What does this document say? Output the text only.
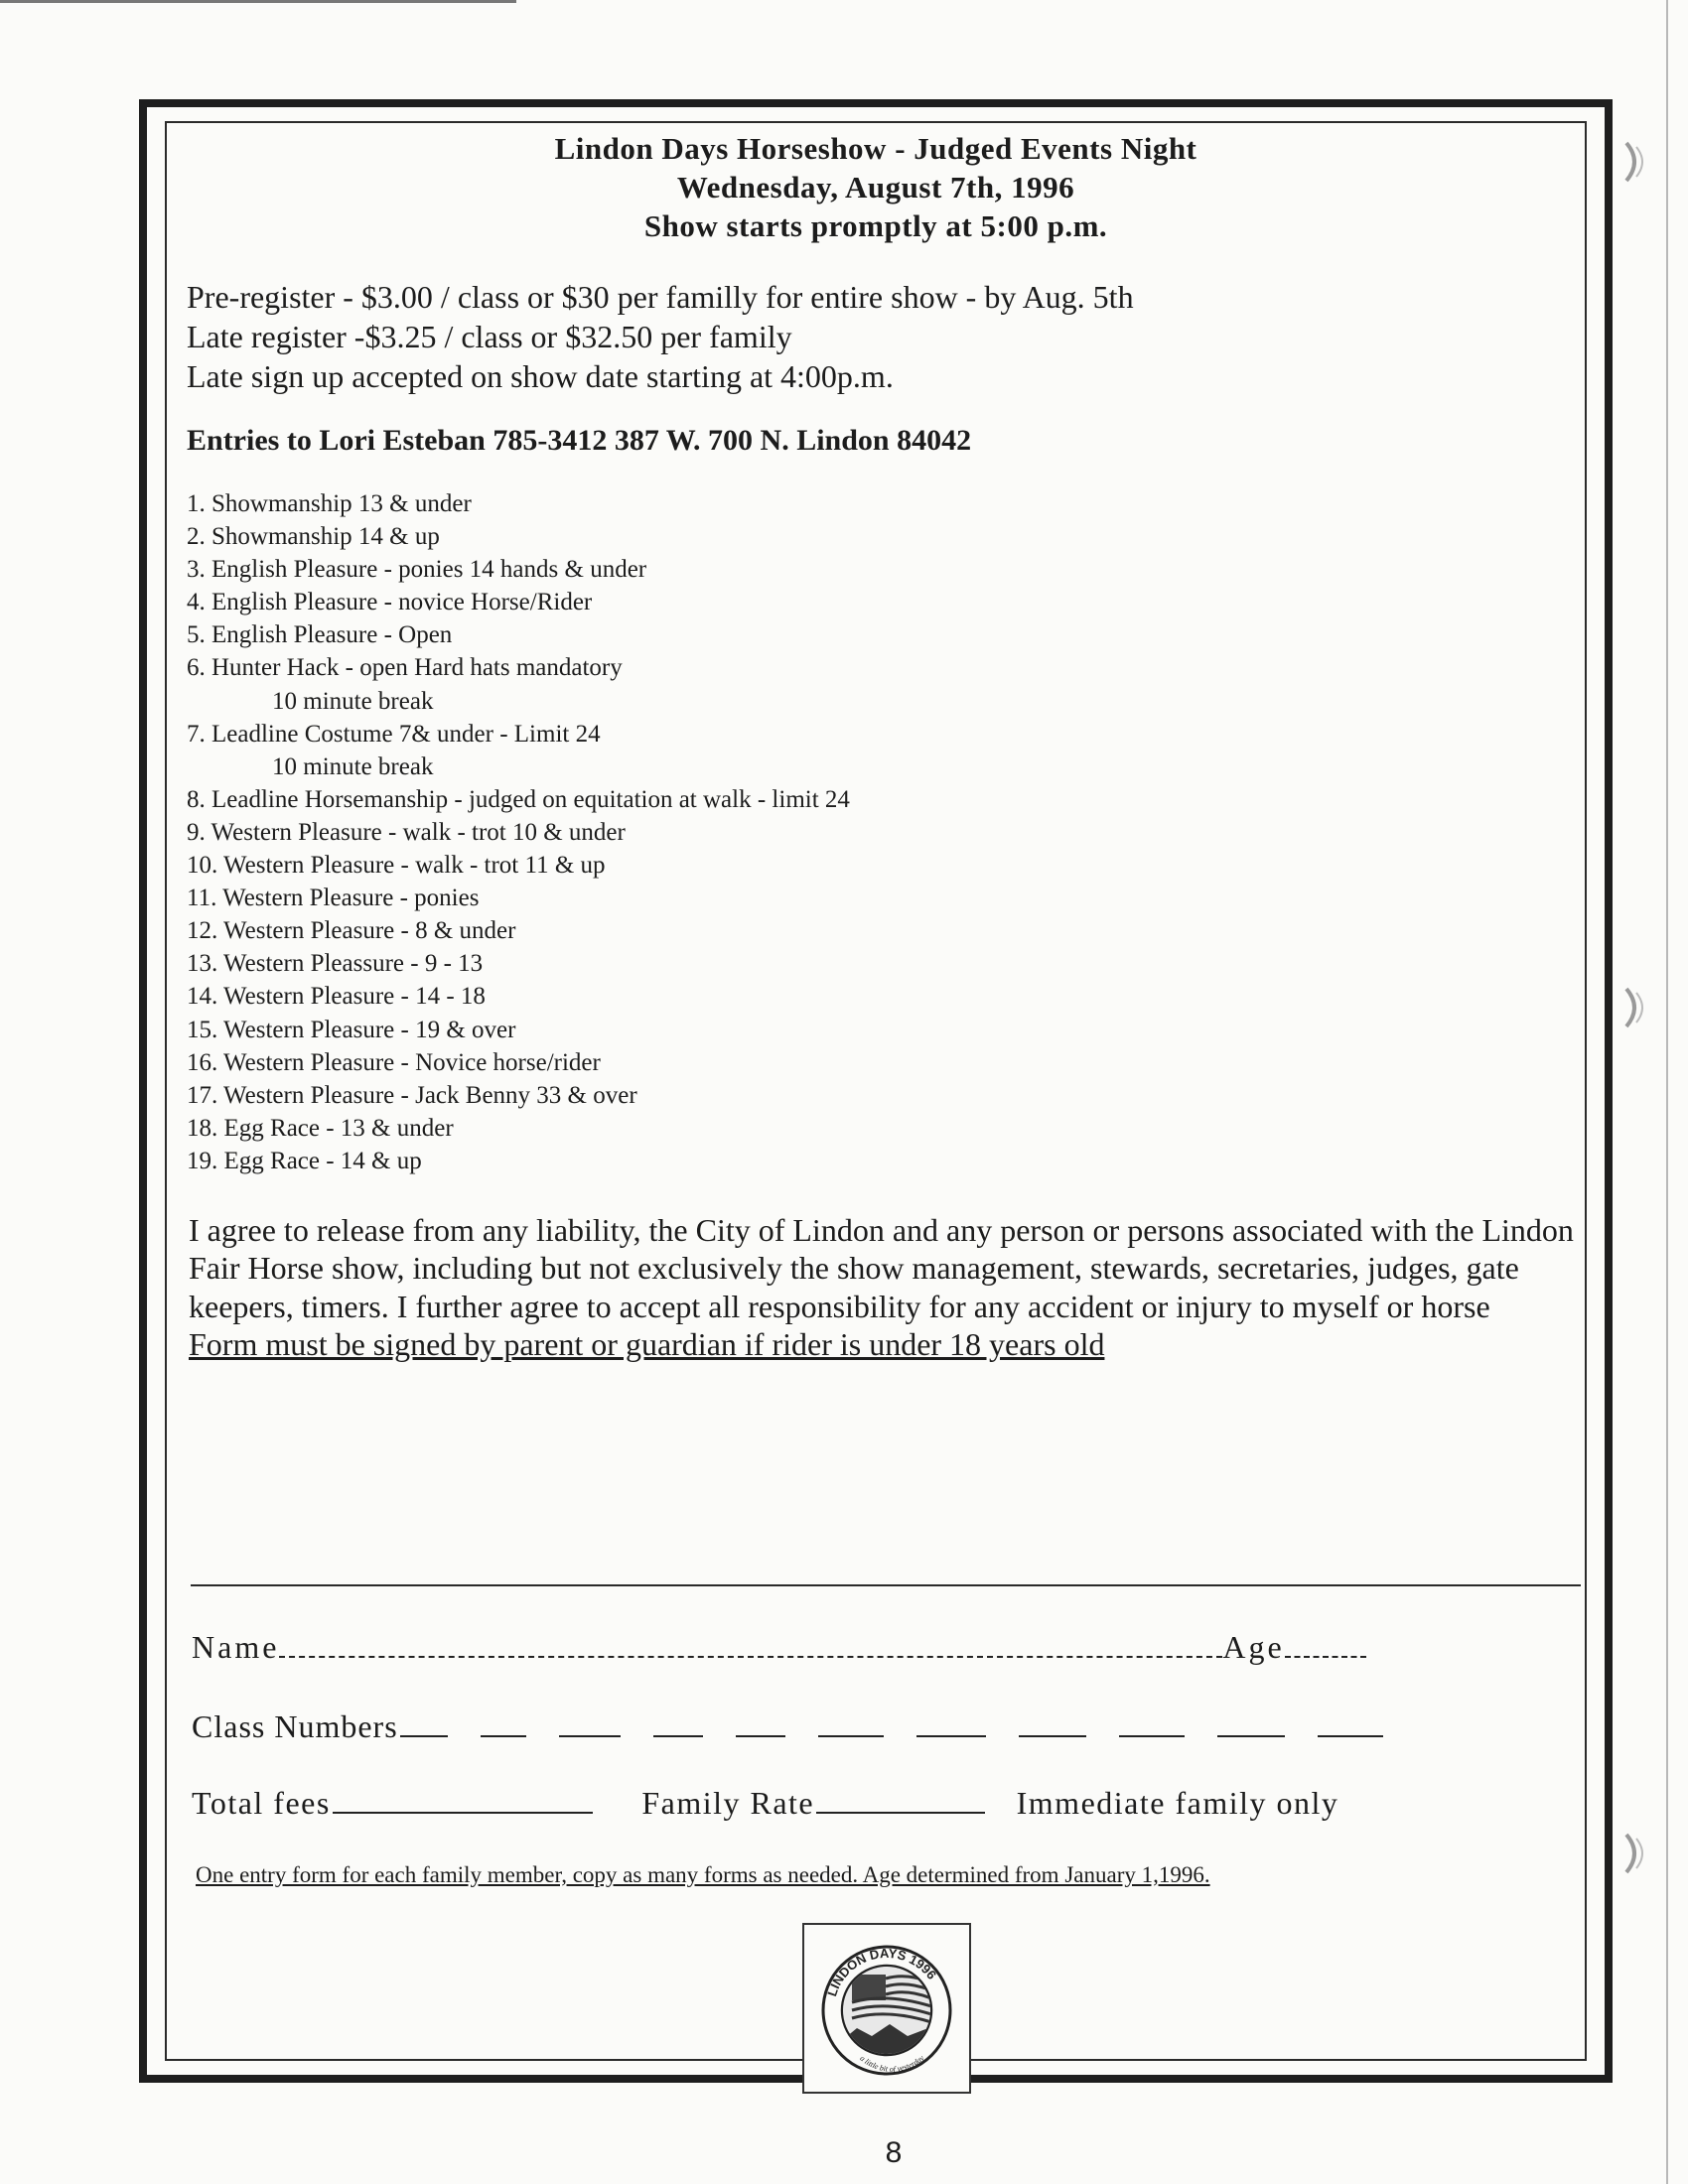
Lindon Days Horseshow - Judged Events Night
Wednesday, August 7th, 1996
Show starts promptly at 5:00 p.m.
Pre-register - $3.00 / class or $30 per familly for entire show - by Aug. 5th
Late register -$3.25 / class or $32.50 per family
Late sign up accepted on show date starting at 4:00p.m.
Entries to Lori Esteban 785-3412 387 W. 700 N. Lindon 84042
1. Showmanship 13 & under
2. Showmanship 14 & up
3. English Pleasure - ponies 14 hands & under
4. English Pleasure - novice Horse/Rider
5. English Pleasure - Open
6. Hunter Hack - open Hard hats mandatory
10 minute break
7. Leadline Costume 7& under - Limit 24
10 minute break
8. Leadline Horsemanship - judged on equitation at walk - limit 24
9. Western Pleasure - walk - trot 10 & under
10. Western Pleasure - walk - trot 11 & up
11. Western Pleasure - ponies
12. Western Pleasure - 8 & under
13. Western Pleassure - 9 - 13
14. Western Pleasure - 14 - 18
15. Western Pleasure - 19 & over
16. Western Pleasure - Novice horse/rider
17. Western Pleasure - Jack Benny 33 & over
18. Egg Race - 13 & under
19. Egg Race - 14 & up
I agree to release from any liability, the City of Lindon and any person or persons associated with the Lindon Fair Horse show, including but not exclusively the show management, stewards, secretaries, judges, gate keepers, timers. I further agree to accept all responsibility for any accident or injury to myself or horse
Form must be signed by parent or guardian if rider is under 18 years old
Name	Age
Class Numbers
Total fees	Family Rate	Immediate family only
One entry form for each family member, copy as many forms as needed. Age determined from January 1,1996.
LINDON DAYS 1996
a little bit of yesterday
8
